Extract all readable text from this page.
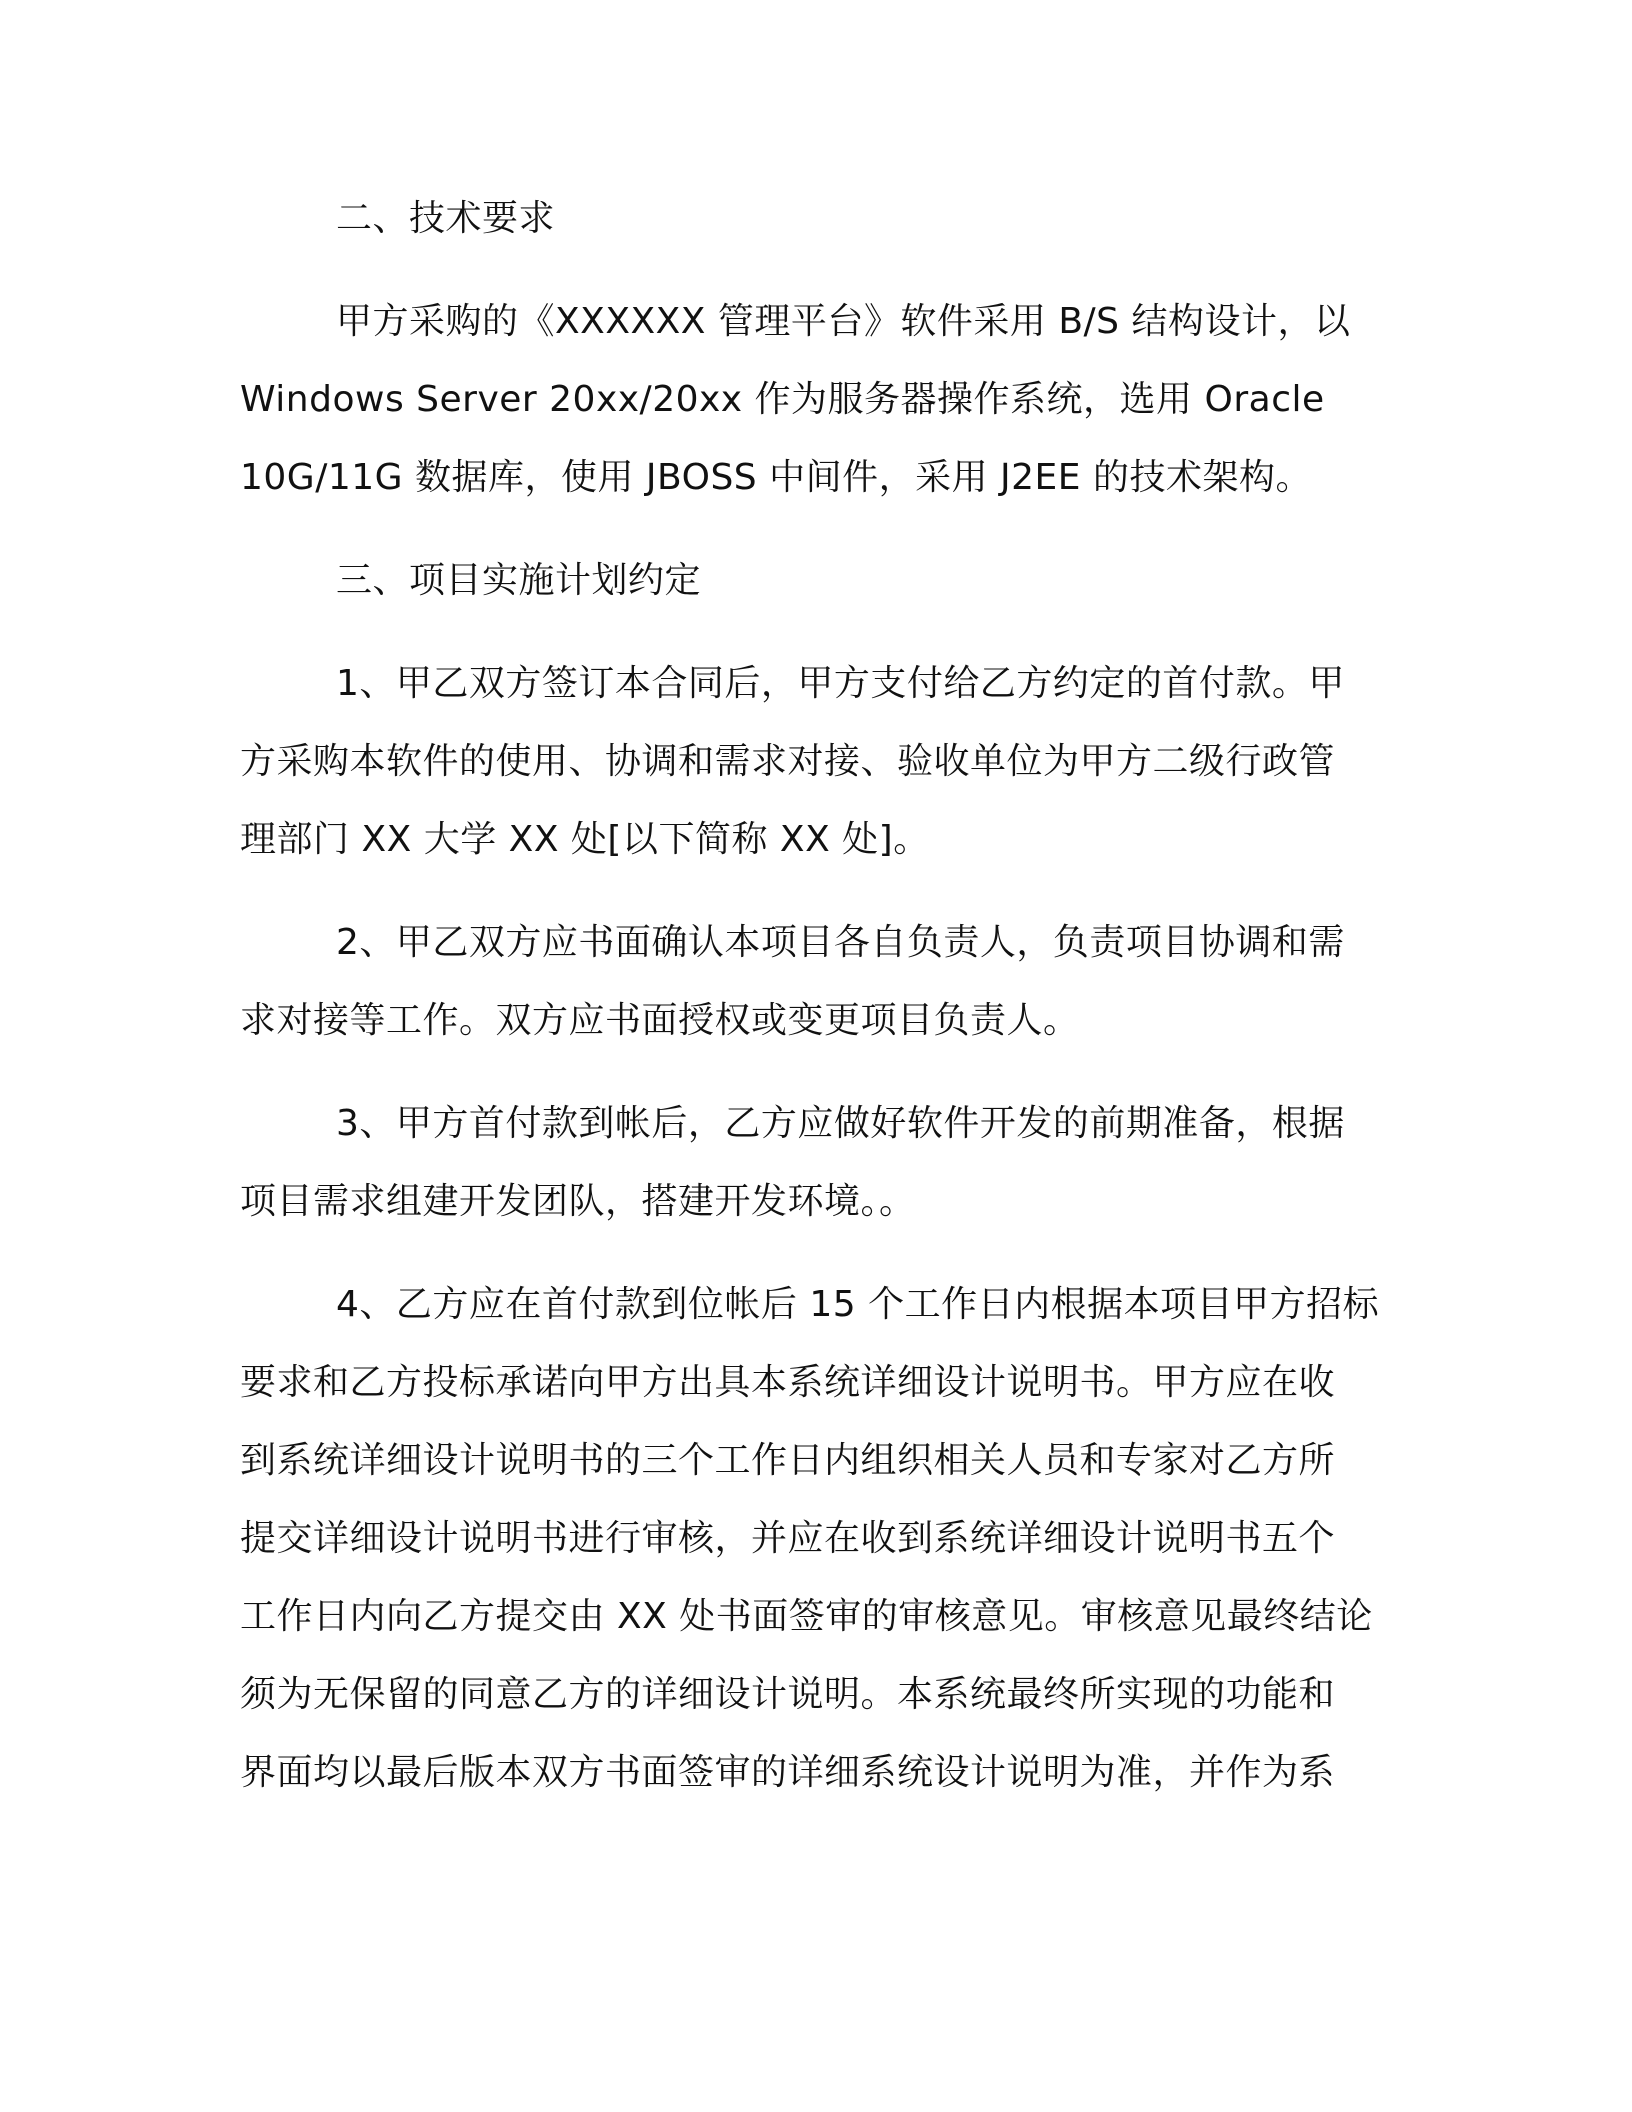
二、技术要求
甲方采购的《XXXXXX 管理平台》软件采用 B/S 结构设计，以
Windows Server 20xx/20xx 作为服务器操作系统，选用 Oracle
10G/11G 数据库，使用 JBOSS 中间件，采用 J2EE 的技术架构。
三、项目实施计划约定
1、甲乙双方签订本合同后，甲方支付给乙方约定的首付款。甲
方采购本软件的使用、协调和需求对接、验收单位为甲方二级行政管
理部门 XX 大学 XX 处[以下简称 XX 处]。
2、甲乙双方应书面确认本项目各自负责人，负责项目协调和需
求对接等工作。双方应书面授权或变更项目负责人。
3、甲方首付款到帐后，乙方应做好软件开发的前期准备，根据
项目需求组建开发团队，搭建开发环境。。
4、乙方应在首付款到位帐后 15 个工作日内根据本项目甲方招标
要求和乙方投标承诺向甲方出具本系统详细设计说明书。甲方应在收
到系统详细设计说明书的三个工作日内组织相关人员和专家对乙方所
提交详细设计说明书进行审核，并应在收到系统详细设计说明书五个
工作日内向乙方提交由 XX 处书面签审的审核意见。审核意见最终结论
须为无保留的同意乙方的详细设计说明。本系统最终所实现的功能和
界面均以最后版本双方书面签审的详细系统设计说明为准，并作为系
